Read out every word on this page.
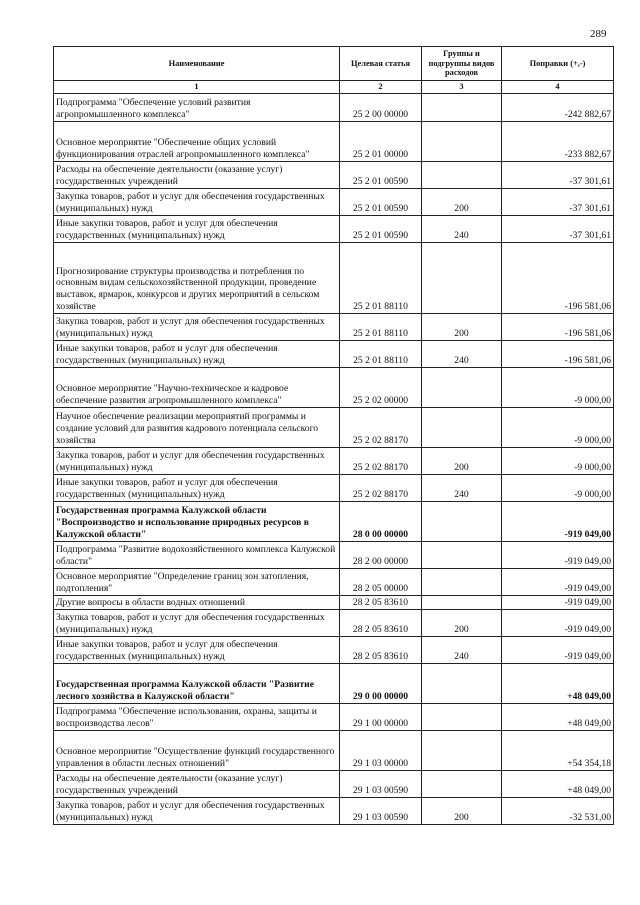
289
Наименование	Целевая статья	Группы и подгруппы видов расходов	Поправки (+,-)
1	2	3	4
Подпрограмма "Обеспечение условий развития агропромышленного комплекса"	25 2 00 00000		-242 882,67
Основное мероприятие "Обеспечение общих условий функционирования отраслей агропромышленного комплекса"	25 2 01 00000		-233 882,67
Расходы на обеспечение деятельности (оказание услуг) государственных учреждений	25 2 01 00590		-37 301,61
Закупка товаров, работ и услуг для обеспечения государственных (муниципальных) нужд	25 2 01 00590	200	-37 301,61
Иные закупки товаров, работ и услуг для обеспечения государственных (муниципальных) нужд	25 2 01 00590	240	-37 301,61
Прогнозирование структуры производства и потребления по основным видам сельскохозяйственной продукции, проведение выставок, ярмарок, конкурсов и других мероприятий в сельском хозяйстве	25 2 01 88110		-196 581,06
Закупка товаров, работ и услуг для обеспечения государственных (муниципальных) нужд	25 2 01 88110	200	-196 581,06
Иные закупки товаров, работ и услуг для обеспечения государственных (муниципальных) нужд	25 2 01 88110	240	-196 581,06
Основное мероприятие "Научно-техническое и кадровое обеспечение развития агропромышленного комплекса"	25 2 02 00000		-9 000,00
Научное обеспечение реализации мероприятий программы и создание условий для развития кадрового потенциала сельского хозяйства	25 2 02 88170		-9 000,00
Закупка товаров, работ и услуг для обеспечения государственных (муниципальных) нужд	25 2 02 88170	200	-9 000,00
Иные закупки товаров, работ и услуг для обеспечения государственных (муниципальных) нужд	25 2 02 88170	240	-9 000,00
Государственная программа Калужской области "Воспроизводство и использование природных ресурсов в Калужской области"	28 0 00 00000		-919 049,00
Подпрограмма "Развитие водохозяйственного комплекса Калужской области"	28 2 00 00000		-919 049,00
Основное мероприятие "Определение границ зон затопления, подтопления"	28 2 05 00000		-919 049,00
Другие вопросы в области водных отношений	28 2 05 83610		-919 049,00
Закупка товаров, работ и услуг для обеспечения государственных (муниципальных) нужд	28 2 05 83610	200	-919 049,00
Иные закупки товаров, работ и услуг для обеспечения государственных (муниципальных) нужд	28 2 05 83610	240	-919 049,00
Государственная программа Калужской области "Развитие лесного хозяйства в Калужской области"	29 0 00 00000		+48 049,00
Подпрограмма "Обеспечение использования, охраны, защиты и воспроизводства лесов"	29 1 00 00000		+48 049,00
Основное мероприятие "Осуществление функций государственного управления в области лесных отношений"	29 1 03 00000		+54 354,18
Расходы на обеспечение деятельности (оказание услуг) государственных учреждений	29 1 03 00590		+48 049,00
Закупка товаров, работ и услуг для обеспечения государственных (муниципальных) нужд	29 1 03 00590	200	-32 531,00
